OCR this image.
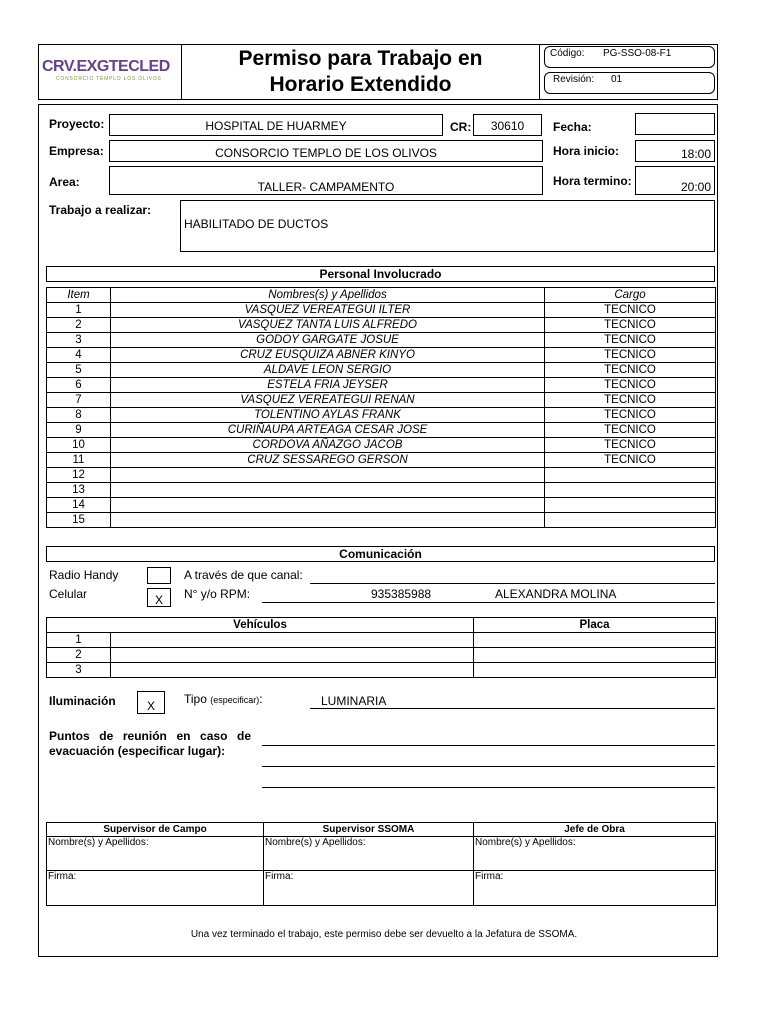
CRV.EXGTECLED
CONSORCIO TEMPLO LOS OLIVOS
Permiso para Trabajo en
Horario Extendido
Código: PG-SSO-08-F1
Revisión: 01
Proyecto:	HOSPITAL DE HUARMEY	CR:	30610	Fecha:
Empresa:	CONSORCIO TEMPLO DE LOS OLIVOS	Hora inicio:	18:00
Area:	TALLER- CAMPAMENTO	Hora termino:	20:00
Trabajo a realizar:
HABILITADO DE DUCTOS
Personal Involucrado
Item	Nombres(s) y Apellidos	Cargo
1	VASQUEZ VEREATEGUI ILTER	TECNICO
2	VASQUEZ TANTA LUIS ALFREDO	TECNICO
3	GODOY GARGATE JOSUE	TECNICO
4	CRUZ EUSQUIZA ABNER KINYO	TECNICO
5	ALDAVE LEON SERGIO	TECNICO
6	ESTELA FRIA JEYSER	TECNICO
7	VASQUEZ VEREATEGUI RENAN	TECNICO
8	TOLENTINO AYLAS FRANK	TECNICO
9	CURIÑAUPA ARTEAGA CESAR JOSE	TECNICO
10	CORDOVA AÑAZGO JACOB	TECNICO
11	CRUZ SESSAREGO GERSON	TECNICO
12		
13		
14		
15		
Comunicación
Radio Handy	A través de que canal:
Celular	X	N° y/o RPM:	935385988	ALEXANDRA MOLINA
Vehículos		Placa
1		
2		
3		
Iluminación	X	Tipo (especificar):	LUMINARIA
Puntos de reunión en caso de
evacuación (especificar lugar):
Supervisor de Campo	Supervisor SSOMA	Jefe de Obra
Nombre(s) y Apellidos:	Nombre(s) y Apellidos:	Nombre(s) y Apellidos:
Firma:	Firma:	Firma:
Una vez terminado el trabajo, este permiso debe ser devuelto a la Jefatura de SSOMA.
